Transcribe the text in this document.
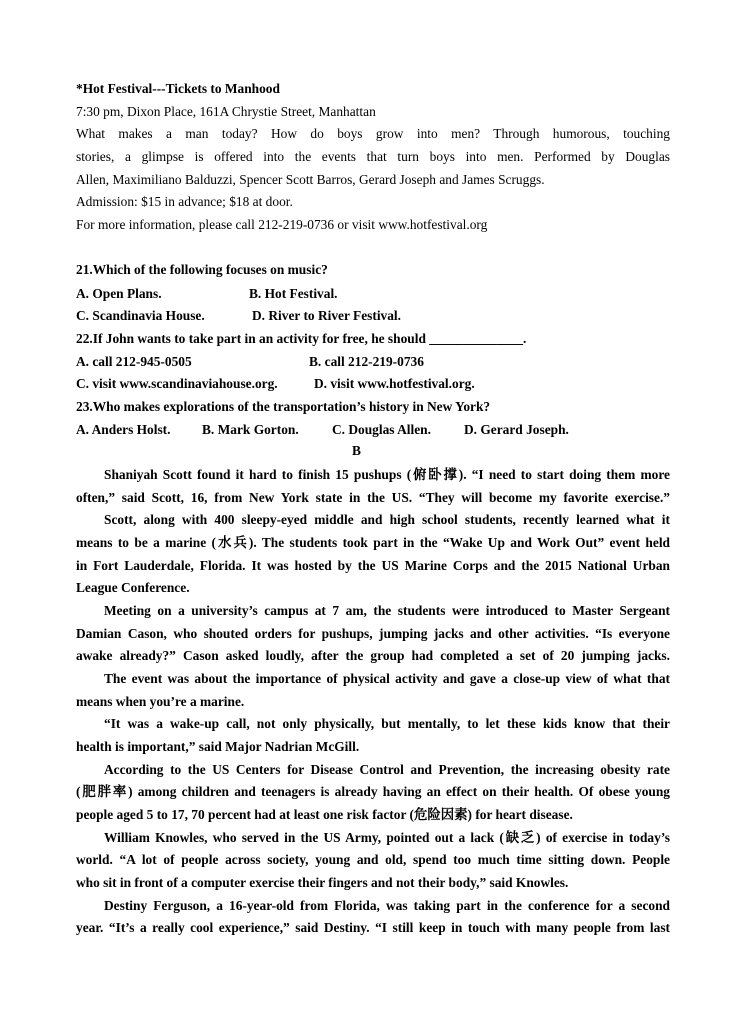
*Hot Festival---Tickets to Manhood
7:30 pm, Dixon Place, 161A Chrystie Street, Manhattan
What makes a man today? How do boys grow into men? Through humorous, touching
stories, a glimpse is offered into the events that turn boys into men. Performed by Douglas
Allen, Maximiliano Balduzzi, Spencer Scott Barros, Gerard Joseph and James Scruggs.
Admission: $15 in advance; $18 at door.
For more information, please call 212-219-0736 or visit www.hotfestival.org
21.Which of the following focuses on music?
A. Open Plans.	B. Hot Festival.
C. Scandinavia House.	D. River to River Festival.
22.If John wants to take part in an activity for free, he should ______________.
A. call 212-945-0505	B. call 212-219-0736
C. visit www.scandinaviahouse.org.	D. visit www.hotfestival.org.
23.Who makes explorations of the transportation’s history in New York?
A. Anders Holst. B. Mark Gorton. C. Douglas Allen. D. Gerard Joseph.
B
Shaniyah Scott found it hard to finish 15 pushups (俯卧撑). “I need to start doing them more
often,” said Scott, 16, from New York state in the US. “They will become my favorite exercise.”
Scott, along with 400 sleepy-eyed middle and high school students, recently learned what it
means to be a marine (水兵). The students took part in the “Wake Up and Work Out” event held
in Fort Lauderdale, Florida. It was hosted by the US Marine Corps and the 2015 National Urban
League Conference.
Meeting on a university’s campus at 7 am, the students were introduced to Master Sergeant
Damian Cason, who shouted orders for pushups, jumping jacks and other activities. “Is everyone
awake already?” Cason asked loudly, after the group had completed a set of 20 jumping jacks.
The event was about the importance of physical activity and gave a close-up view of what that
means when you’re a marine.
“It was a wake-up call, not only physically, but mentally, to let these kids know that their
health is important,” said Major Nadrian McGill.
According to the US Centers for Disease Control and Prevention, the increasing obesity rate
(肥胖率) among children and teenagers is already having an effect on their health. Of obese young
people aged 5 to 17, 70 percent had at least one risk factor (危险因素) for heart disease.
William Knowles, who served in the US Army, pointed out a lack (缺乏) of exercise in today’s
world. “A lot of people across society, young and old, spend too much time sitting down. People
who sit in front of a computer exercise their fingers and not their body,” said Knowles.
Destiny Ferguson, a 16-year-old from Florida, was taking part in the conference for a second
year. “It’s a really cool experience,” said Destiny. “I still keep in touch with many people from last
